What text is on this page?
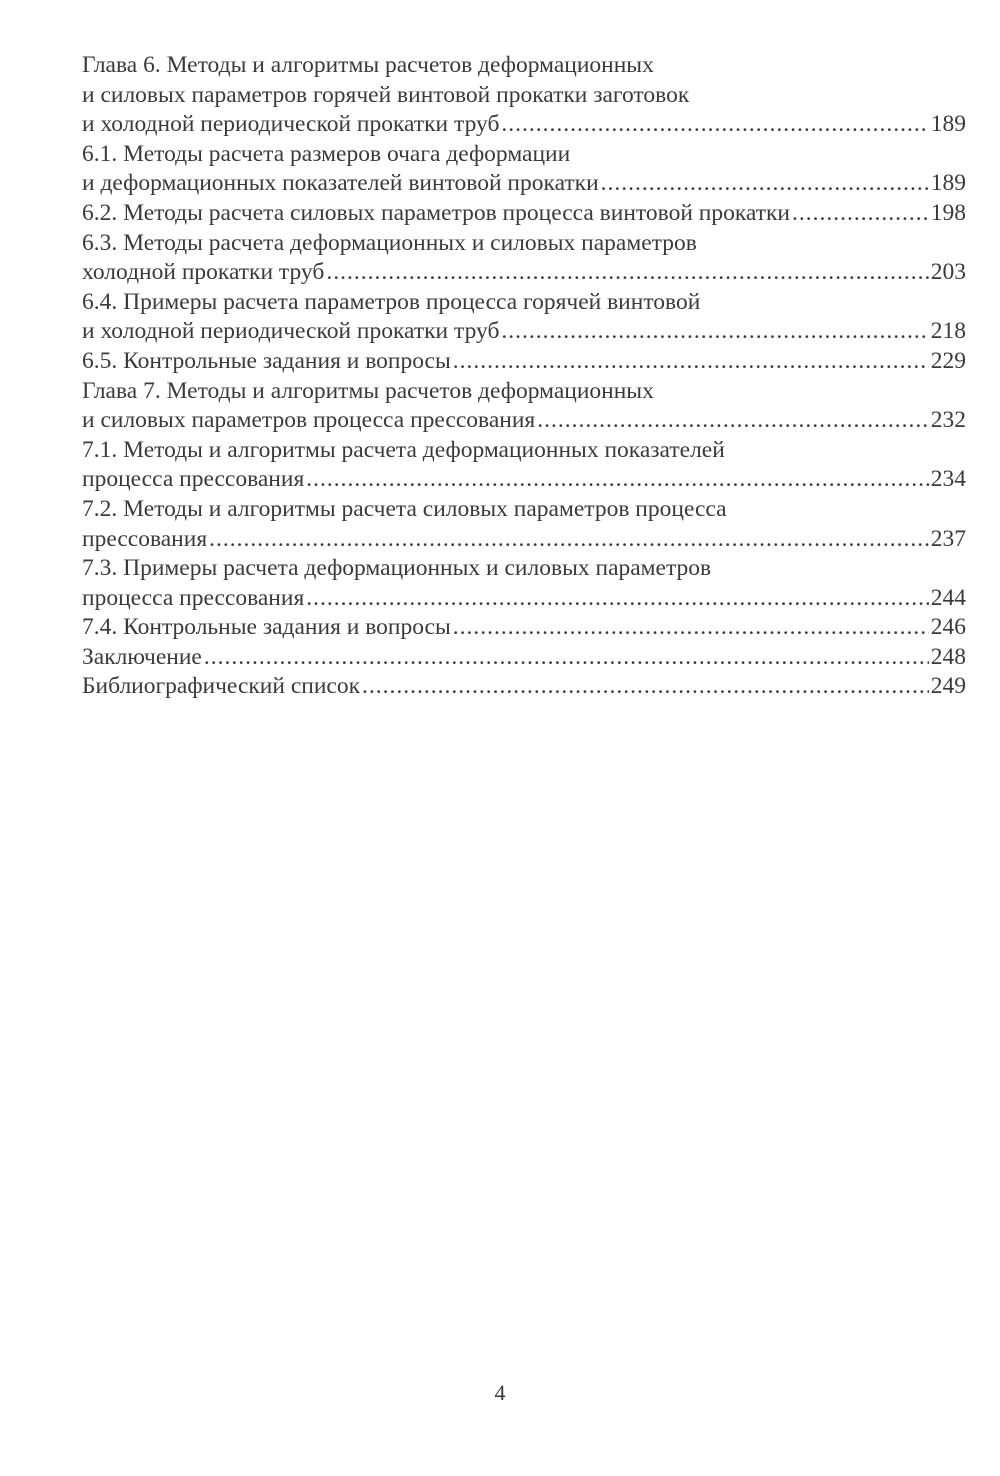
Глава 6. Методы и алгоритмы расчетов деформационных
и силовых параметров горячей винтовой прокатки заготовок
и холодной периодической прокатки труб .....	189
6.1. Методы расчета размеров очага деформации
и деформационных показателей винтовой прокатки .....	189
6.2. Методы расчета силовых параметров процесса винтовой прокатки .....	198
6.3. Методы расчета деформационных и силовых параметров
холодной прокатки труб .....	203
6.4. Примеры расчета параметров процесса горячей винтовой
и холодной периодической прокатки труб .....	218
6.5. Контрольные задания и вопросы .....	229
Глава 7. Методы и алгоритмы расчетов деформационных
и силовых параметров процесса прессования .....	232
7.1. Методы и алгоритмы расчета деформационных показателей
процесса прессования .....	234
7.2. Методы и алгоритмы расчета силовых параметров процесса
прессования .....	237
7.3. Примеры расчета деформационных и силовых параметров
процесса прессования .....	244
7.4. Контрольные задания и вопросы .....	246
Заключение .....	248
Библиографический список .....	249
4
